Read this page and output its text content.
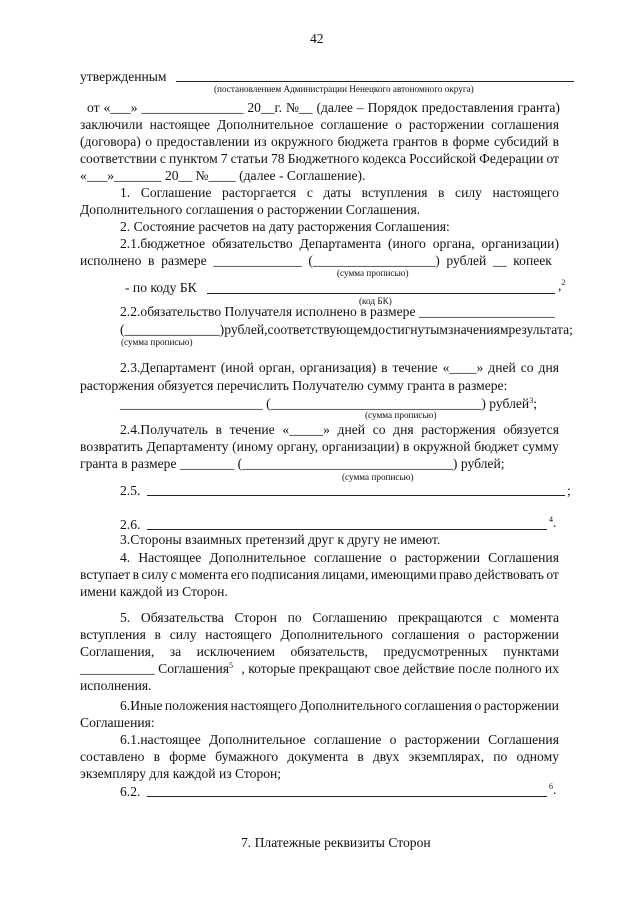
42
утвержденным
(постановлением Администрации Ненецкого автономного округа)
от «___» _______________ 20__г. №__ (далее – Порядок предоставления гранта)
заключили настоящее Дополнительное соглашение о расторжении соглашения
(договора) о предоставлении из окружного бюджета грантов в форме субсидий в
соответствии с пунктом 7 статьи 78 Бюджетного кодекса Российской Федерации от
«___»_______ 20__ №____ (далее - Соглашение).
1. Соглашение расторгается с даты вступления в силу настоящего
Дополнительного соглашения о расторжении Соглашения.
2. Состояние расчетов на дату расторжения Соглашения:
2.1.бюджетное обязательство Департамента (иного органа, организации)
исполнено в размере _____________ (__________________) рублей __ копеек
(сумма прописью)
- по коду БК	,$^2$
(код БК)
2.2.обязательство Получателя исполнено в размере ____________________
(______________) рублей, соответствующем достигнутым значениям результата;
(сумма прописью)
2.3.Департамент (иной орган, организация) в течение «____» дней со дня
расторжения обязуется перечислить Получателю сумму гранта в размере:
_____________________ (_______________________________) рублей$^3$;
(сумма прописью)
2.4.Получатель в течение «_____» дней со дня расторжения обязуется
возвратить Департаменту (иному органу, организации) в окружной бюджет сумму
гранта в размере ________ (_______________________________) рублей;
(сумма прописью)
2.5.	;
2.6.	$^4$.
3.Стороны взаимных претензий друг к другу не имеют.
4. Настоящее Дополнительное соглашение о расторжении Соглашения
вступает в силу с момента его подписания лицами, имеющими право действовать от
имени каждой из Сторон.
5. Обязательства Сторон по Соглашению прекращаются с момента
вступления в силу настоящего Дополнительного соглашения о расторжении
Соглашения, за исключением обязательств, предусмотренных пунктами
___________ Соглашения$^5$ , которые прекращают свое действие после полного их
исполнения.
6.Иные положения настоящего Дополнительного соглашения о расторжении
Соглашения:
6.1.настоящее Дополнительное соглашение о расторжении Соглашения
составлено в форме бумажного документа в двух экземплярах, по одному
экземпляру для каждой из Сторон;
6.2.	$^6$.
7. Платежные реквизиты Сторон
